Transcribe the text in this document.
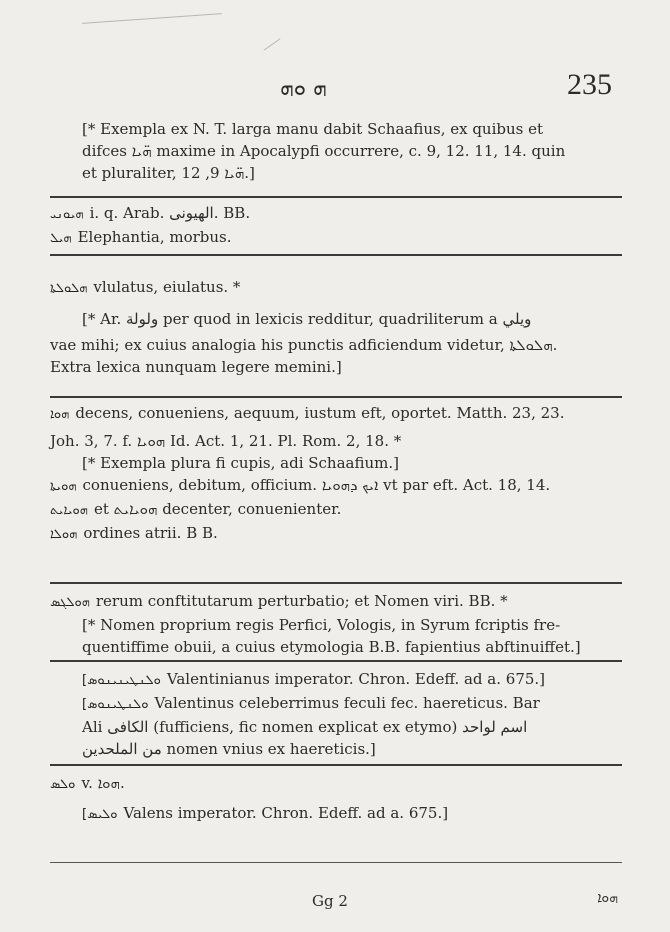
ܗ‍ ܘܗ	235
[* Exempla ex N. T. larga manu dabit Schaafius, ex quibus et
difces ܗ̈ܝܐ maxime in Apocalypfi occurrere, c. 9, 12. 11, 14. quin
et pluraliter, ܗ̈ܝܐ 9, 12.]
ܗܝܘܢܝ i. q. Arab. الهيونى. BB.
ܗܝܠ Elephantia, morbus.
ܗܠܘܠܬܐ vlulatus, eiulatus. *
[* Ar. ولولة per quod in lexicis redditur, quadriliterum a ويلي
vae mihi; ex cuius analogia his punctis adficiendum videtur, ܗܠܘܠܬܐ.
Extra lexica nunquam legere memini.]
ܗܘܐ decens, conueniens, aequum, iustum eft, oportet. Matth. 23, 23.
Joh. 3, 7. f. ܗܘܝܐ Id. Act. 1, 21. Pl. Rom. 2, 18. *
[* Exempla plura fi cupis, adi Schaafium.]
ܗܘܝܬܐ conueniens, debitum, officium. ܐܝܟ ܕܗܘܝܐ vt par eft. Act. 18, 14.
ܗܘܝܐܝܬ et ܗܘܝܐܝܬ decenter, conuenienter.
ܗܘܠܐ ordines atrii. B B.
ܗܘܠܓܣ rerum conftitutarum perturbatio; et Nomen viri. BB. *
[* Nomen proprium regis Perfici, Vologis, in Syrum fcriptis fre-
quentiffime obuii, a cuius etymologia B.B. fapientius abftinuiffet.]
[ܘܠܢܛܝܢܝܢܘܣ Valentinianus imperator. Chron. Edeff. ad a. 675.]
[ܘܠܢܛܝܢܘܣ Valentinus celeberrimus feculi fec. haereticus. Bar
Ali الكافى (fufficiens, fic nomen explicat ex etymo) اسم لواحد
من الملحدين nomen vnius ex haereticis.]
ܘܠܣ v. ܗܘܐ.
[ܘܠܝܣ Valens imperator. Chron. Edeff. ad a. 675.]
Gg 2	ܗܘܐ
